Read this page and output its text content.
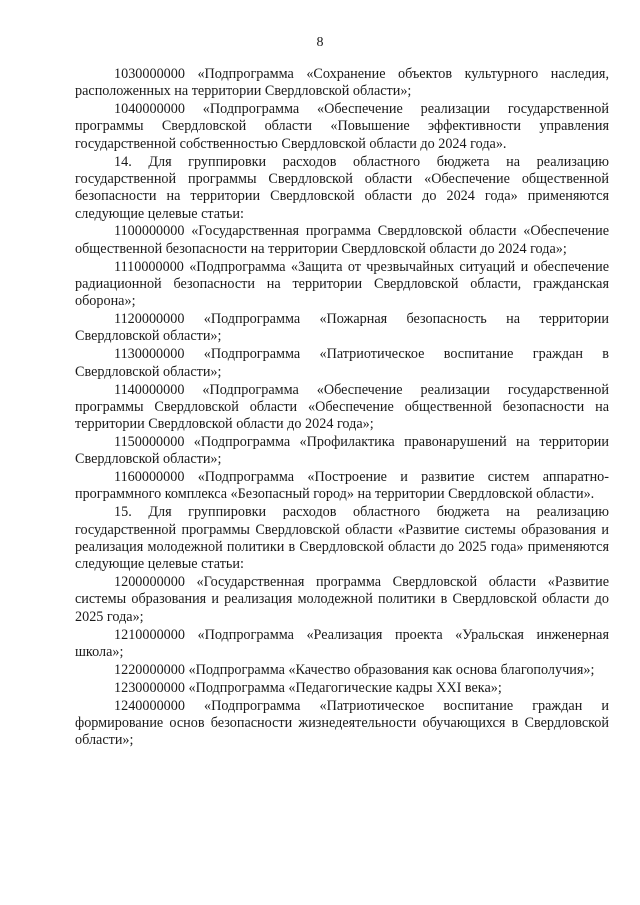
8

1030000000 «Подпрограмма «Сохранение объектов культурного наследия, расположенных на территории Свердловской области»;

1040000000 «Подпрограмма «Обеспечение реализации государственной программы Свердловской области «Повышение эффективности управления государственной собственностью Свердловской области до 2024 года».

14. Для группировки расходов областного бюджета на реализацию государственной программы Свердловской области «Обеспечение общественной безопасности на территории Свердловской области до 2024 года» применяются следующие целевые статьи:

1100000000 «Государственная программа Свердловской области «Обеспечение общественной безопасности на территории Свердловской области до 2024 года»;

1110000000 «Подпрограмма «Защита от чрезвычайных ситуаций и обеспечение радиационной безопасности на территории Свердловской области, гражданская оборона»;

1120000000 «Подпрограмма «Пожарная безопасность на территории Свердловской области»;

1130000000 «Подпрограмма «Патриотическое воспитание граждан в Свердловской области»;

1140000000 «Подпрограмма «Обеспечение реализации государственной программы Свердловской области «Обеспечение общественной безопасности на территории Свердловской области до 2024 года»;

1150000000 «Подпрограмма «Профилактика правонарушений на территории Свердловской области»;

1160000000 «Подпрограмма «Построение и развитие систем аппаратно-программного комплекса «Безопасный город» на территории Свердловской области».

15. Для группировки расходов областного бюджета на реализацию государственной программы Свердловской области «Развитие системы образования и реализация молодежной политики в Свердловской области до 2025 года» применяются следующие целевые статьи:

1200000000 «Государственная программа Свердловской области «Развитие системы образования и реализация молодежной политики в Свердловской области до 2025 года»;

1210000000 «Подпрограмма «Реализация проекта «Уральская инженерная школа»;

1220000000 «Подпрограмма «Качество образования как основа благополучия»;

1230000000 «Подпрограмма «Педагогические кадры XXI века»;

1240000000 «Подпрограмма «Патриотическое воспитание граждан и формирование основ безопасности жизнедеятельности обучающихся в Свердловской области»;
